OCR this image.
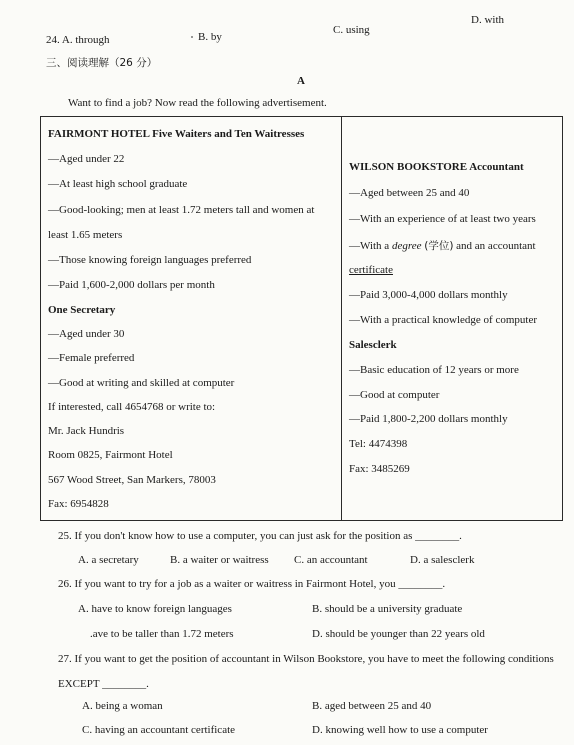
24. A. through	B. by
C. using
D. with
三、阅读理解（26 分）
A
Want to find a job? Now read the following advertisement.
FAIRMONT HOTEL Five Waiters and Ten Waitresses
—Aged under 22
—At least high school graduate
—Good-looking; men at least 1.72 meters tall and women at
least 1.65 meters
—Those knowing foreign languages preferred
—Paid 1,600-2,000 dollars per month
One Secretary
—Aged under 30
—Female preferred
—Good at writing and skilled at computer
If interested, call 4654768 or write to:
Mr. Jack Hundris
Room 0825, Fairmont Hotel
567 Wood Street, San Markers, 78003
Fax: 6954828
WILSON BOOKSTORE Accountant
—Aged between 25 and 40
—With an experience of at least two years
—With a degree (学位) and an accountant
certificate
—Paid 3,000-4,000 dollars monthly
—With a practical knowledge of computer
Salesclerk
—Basic education of 12 years or more
—Good at computer
—Paid 1,800-2,200 dollars monthly
Tel: 4474398
Fax: 3485269
25. If you don't know how to use a computer, you can just ask for the position as ________.
A. a secretary	B. a waiter or waitress C. an accountant	D. a salesclerk
26. If you want to try for a job as a waiter or waitress in Fairmont Hotel, you ________.
A. have to know foreign languages	B. should be a university graduate
.ave to be taller than 1.72 meters	D. should be younger than 22 years old
27. If you want to get the position of accountant in Wilson Bookstore, you have to meet the following conditions
EXCEPT ________.
A. being a woman	B. aged between 25 and 40
C. having an accountant certificate	D. knowing well how to use a computer
